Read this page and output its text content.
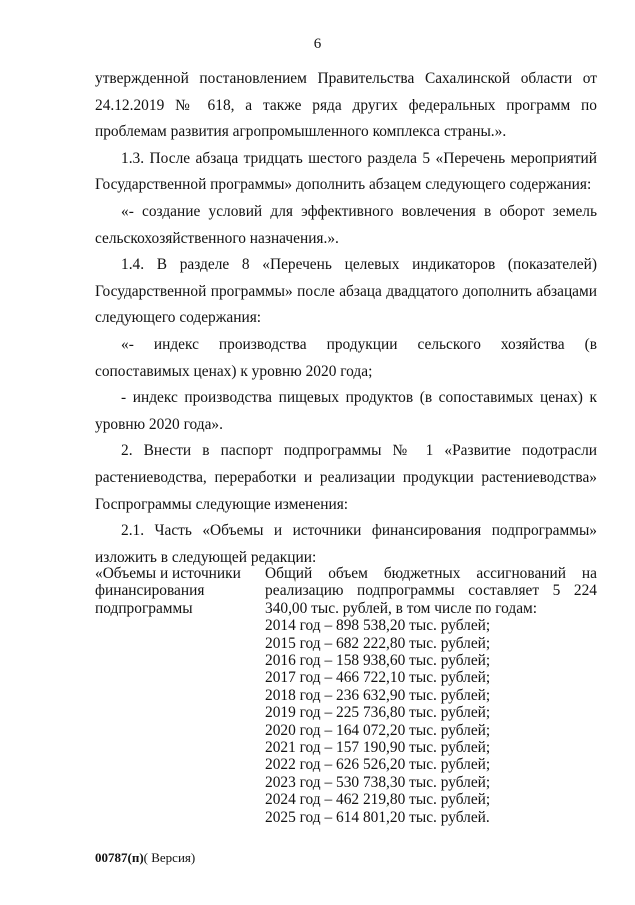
6

утвержденной постановлением Правительства Сахалинской области от 24.12.2019 № 618, а также ряда других федеральных программ по проблемам развития агропромышленного комплекса страны.».

1.3. После абзаца тридцать шестого раздела 5 «Перечень мероприятий Государственной программы» дополнить абзацем следующего содержания:

«- создание условий для эффективного вовлечения в оборот земель сельскохозяйственного назначения.».

1.4. В разделе 8 «Перечень целевых индикаторов (показателей) Государственной программы» после абзаца двадцатого дополнить абзацами следующего содержания:

«- индекс производства продукции сельского хозяйства (в сопоставимых ценах) к уровню 2020 года;

- индекс производства пищевых продуктов (в сопоставимых ценах) к уровню 2020 года».

2. Внести в паспорт подпрограммы № 1 «Развитие подотрасли растениеводства, переработки и реализации продукции растениеводства» Госпрограммы следующие изменения:

2.1. Часть «Объемы и источники финансирования подпрограммы» изложить в следующей редакции:

«Объемы и источники финансирования подпрограммы
Общий объем бюджетных ассигнований на реализацию подпрограммы составляет 5 224 340,00 тыс. рублей, в том числе по годам:
2014 год – 898 538,20 тыс. рублей;
2015 год – 682 222,80 тыс. рублей;
2016 год – 158 938,60 тыс. рублей;
2017 год – 466 722,10 тыс. рублей;
2018 год – 236 632,90 тыс. рублей;
2019 год – 225 736,80 тыс. рублей;
2020 год – 164 072,20 тыс. рублей;
2021 год – 157 190,90 тыс. рублей;
2022 год – 626 526,20 тыс. рублей;
2023 год – 530 738,30 тыс. рублей;
2024 год – 462 219,80 тыс. рублей;
2025 год – 614 801,20 тыс. рублей.
00787(п)( Версия)
